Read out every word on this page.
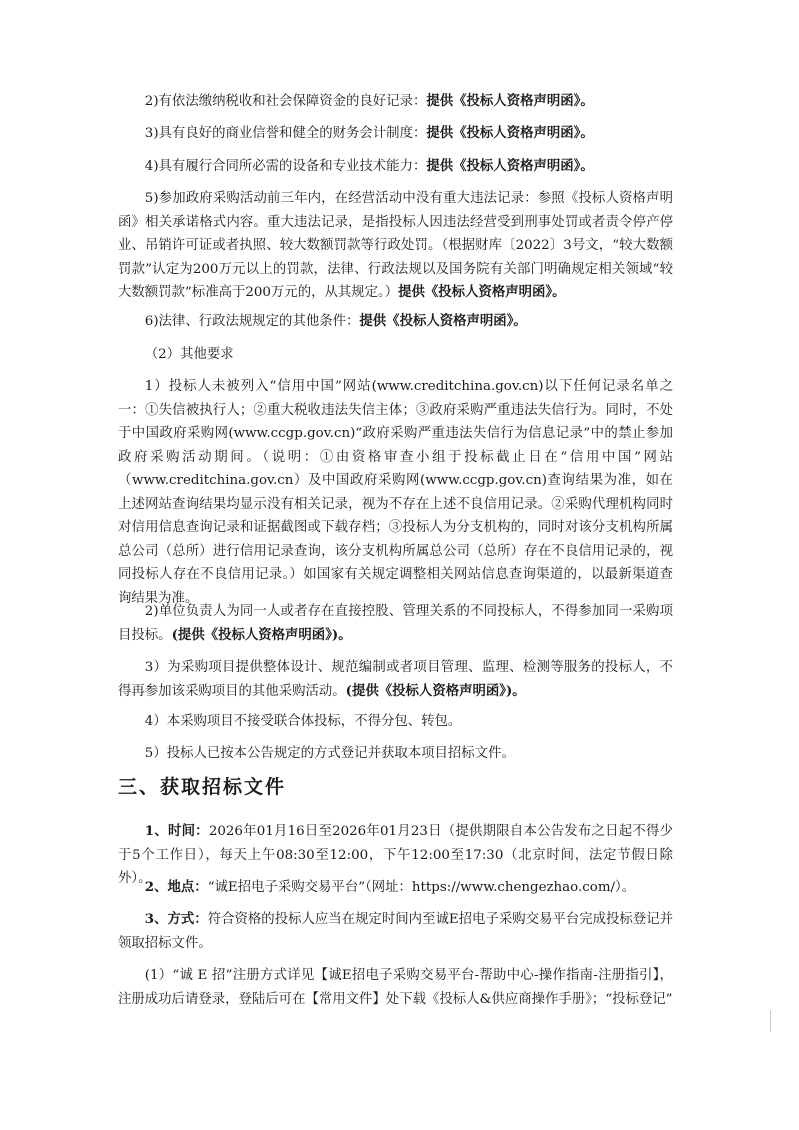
2)有依法缴纳税收和社会保障资金的良好记录：提供《投标人资格声明函》。

3)具有良好的商业信誉和健全的财务会计制度：提供《投标人资格声明函》。

4)具有履行合同所必需的设备和专业技术能力：提供《投标人资格声明函》。

5)参加政府采购活动前三年内，在经营活动中没有重大违法记录：参照《投标人资格声明函》相关承诺格式内容。重大违法记录，是指投标人因违法经营受到刑事处罚或者责令停产停业、吊销许可证或者执照、较大数额罚款等行政处罚。（根据财库〔2022〕3号文，“较大数额罚款”认定为200万元以上的罚款，法律、行政法规以及国务院有关部门明确规定相关领域“较大数额罚款”标准高于200万元的，从其规定。）提供《投标人资格声明函》。

6)法律、行政法规规定的其他条件：提供《投标人资格声明函》。

（2）其他要求

1）投标人未被列入“信用中国”网站(www.creditchina.gov.cn)以下任何记录名单之一：①失信被执行人；②重大税收违法失信主体；③政府采购严重违法失信行为。同时，不处于中国政府采购网(www.ccgp.gov.cn)“政府采购严重违法失信行为信息记录”中的禁止参加政府采购活动期间。（说明：①由资格审查小组于投标截止日在“信用中国”网站（www.creditchina.gov.cn）及中国政府采购网(www.ccgp.gov.cn)查询结果为准，如在上述网站查询结果均显示没有相关记录，视为不存在上述不良信用记录。②采购代理机构同时对信用信息查询记录和证据截图或下载存档；③投标人为分支机构的，同时对该分支机构所属总公司（总所）进行信用记录查询，该分支机构所属总公司（总所）存在不良信用记录的，视同投标人存在不良信用记录。）如国家有关规定调整相关网站信息查询渠道的，以最新渠道查询结果为准。

2)单位负责人为同一人或者存在直接控股、管理关系的不同投标人，不得参加同一采购项目投标。(提供《投标人资格声明函》)。

3）为采购项目提供整体设计、规范编制或者项目管理、监理、检测等服务的投标人，不得再参加该采购项目的其他采购活动。(提供《投标人资格声明函》)。

4）本采购项目不接受联合体投标，不得分包、转包。

5）投标人已按本公告规定的方式登记并获取本项目招标文件。

三、获取招标文件

1、时间：2026年01月16日至2026年01月23日（提供期限自本公告发布之日起不得少于5个工作日），每天上午08:30至12:00，下午12:00至17:30（北京时间，法定节假日除外）。

2、地点：“诚E招电子采购交易平台”（网址：https://www.chengezhao.com/）。

3、方式：符合资格的投标人应当在规定时间内至诚E招电子采购交易平台完成投标登记并领取招标文件。

(1）“诚 E 招”注册方式详见【诚E招电子采购交易平台-帮助中心-操作指南-注册指引】，注册成功后请登录，登陆后可在【常用文件】处下载《投标人&供应商操作手册》；“投标登记”
